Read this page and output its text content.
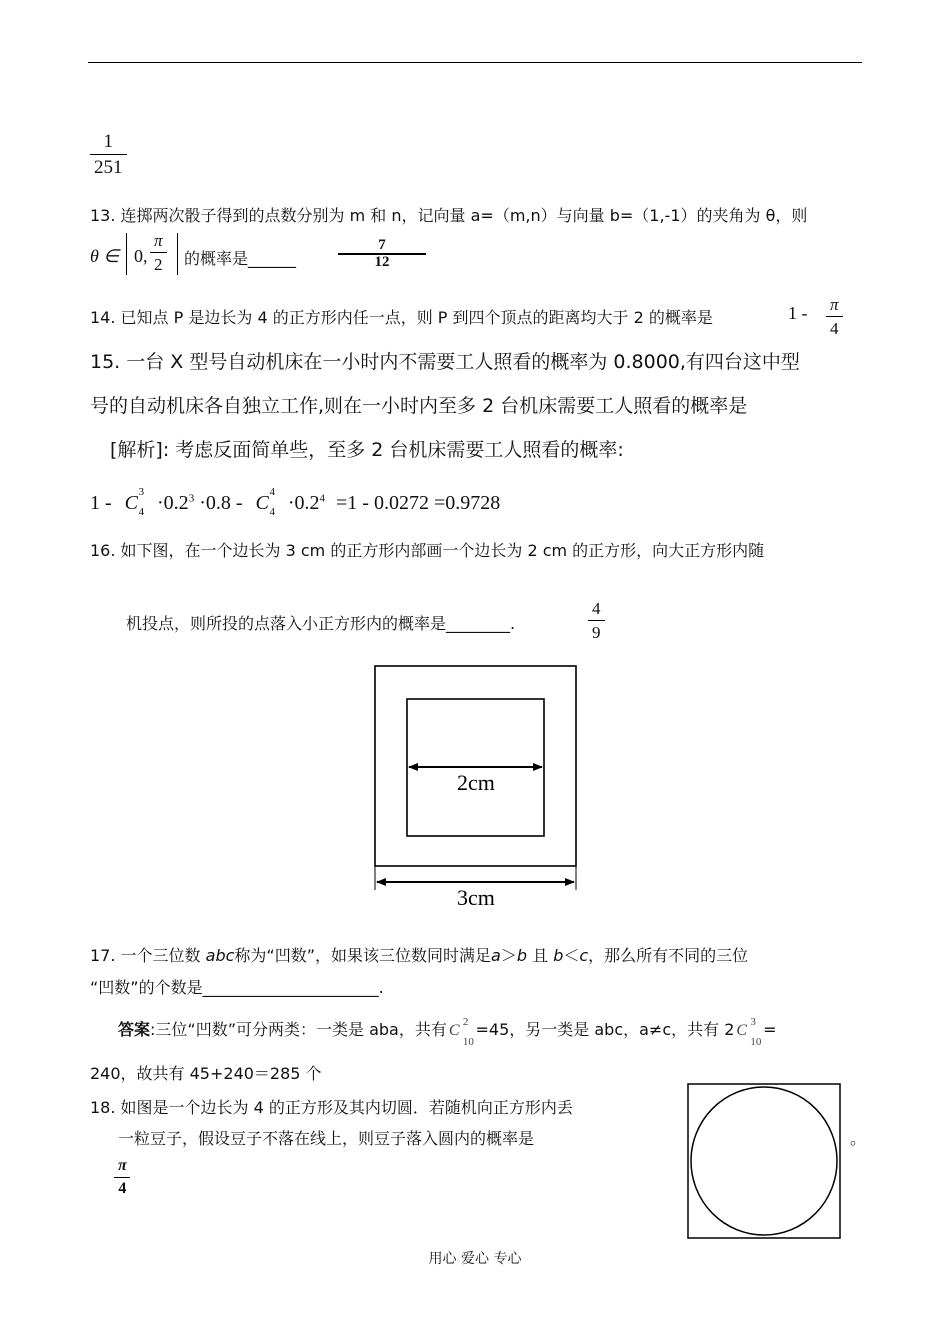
$\frac{1}{251}$
13. 连掷两次骰子得到的点数分别为 m 和 n，记向量 a=（m,n）与向量 b=（1,-1）的夹角为 θ，则
θ ∈ 0, $\frac{\pi}{2}$ 的概率是______	$\frac{7}{12}$
14. 已知点 P 是边长为 4 的正方形内任一点，则 P 到四个顶点的距离均大于 2 的概率是	$1 - \frac{\pi}{4}$
15. 一台 X 型号自动机床在一小时内不需要工人照看的概率为 0.8000,有四台这中型
号的自动机床各自独立工作,则在一小时内至多 2 台机床需要工人照看的概率是
[解析]: 考虑反面简单些，至多 2 台机床需要工人照看的概率:
1 - C 3
$4 \cdot 0.2^3 \cdot 0.8 - C$ 4
$4 \cdot 0.2^4 =1 - 0.0272 =0.9728$
16. 如下图，在一个边长为 3 cm 的正方形内部画一个边长为 2 cm 的正方形，向大正方形内随
机投点，则所投的点落入小正方形内的概率是________.	$\frac{4}{9}$
2cm
3cm
17. 一个三位数 abc称为“凹数”，如果该三位数同时满足a＞b 且 b＜c，那么所有不同的三位
“凹数”的个数是______________________.
答案:三位“凹数”可分两类：一类是 aba，共有 C 2
10
=45，另一类是 abc，a≠c，共有 2 C 3
10
=
240，故共有 45+240＝285 个
18. 如图是一个边长为 4 的正方形及其内切圆．若随机向正方形内丢
一粒豆子，假设豆子不落在线上，则豆子落入圆内的概率是	。
$\frac{\pi}{4}$
用心 爱心 专心
